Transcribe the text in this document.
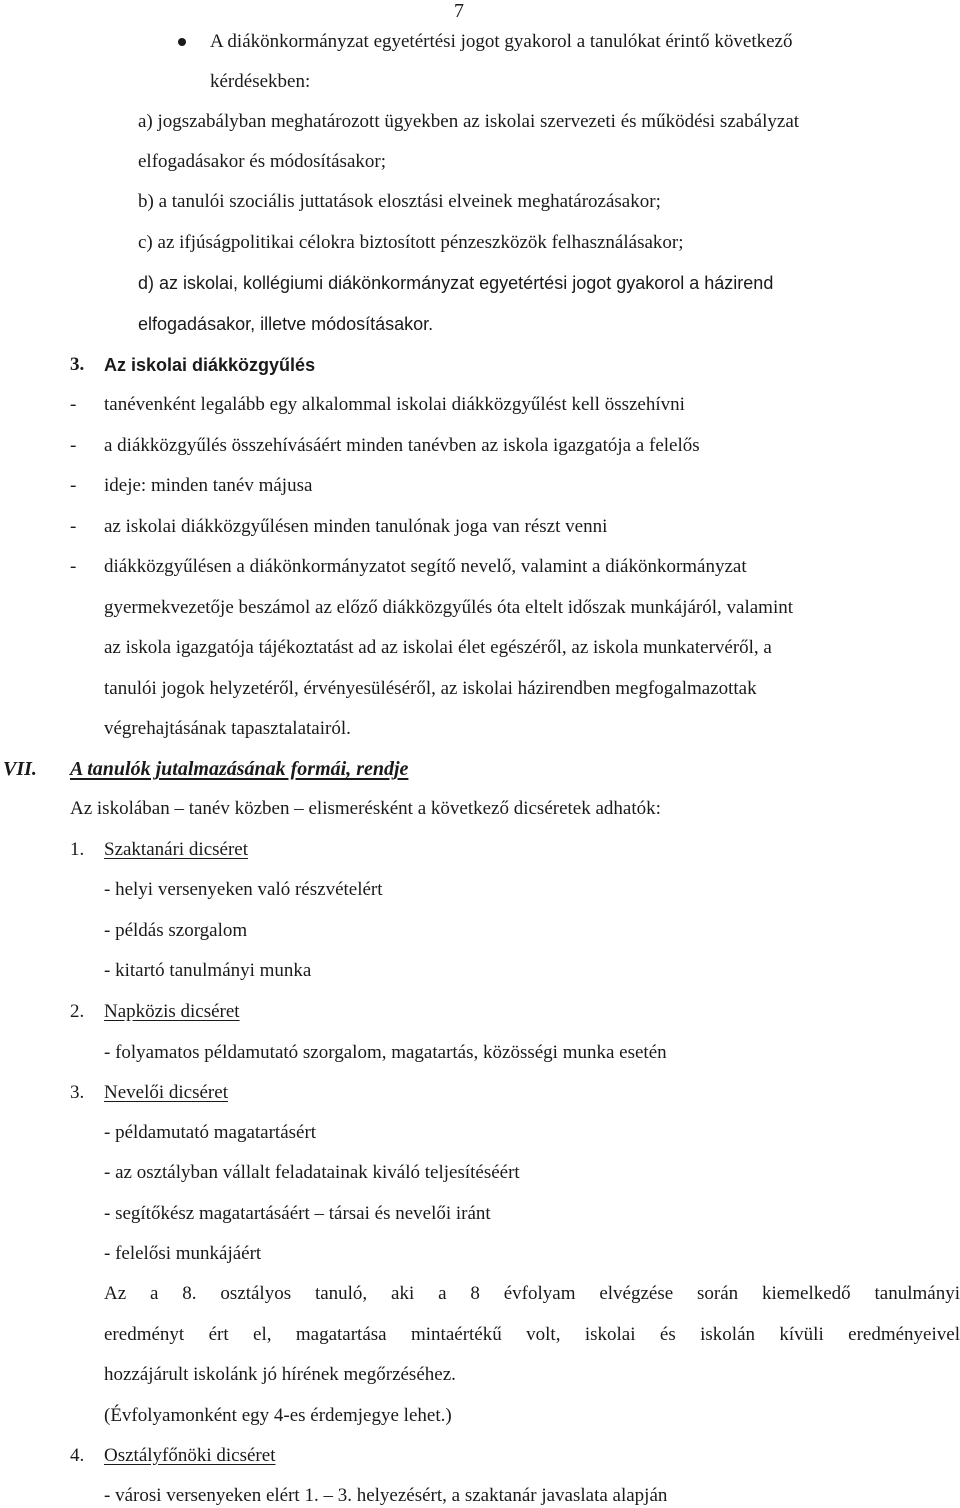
7
A diákönkormányzat egyetértési jogot gyakorol a tanulókat érintő következő
kérdésekben:
a) jogszabályban meghatározott ügyekben az iskolai szervezeti és működési szabályzat
elfogadásakor és módosításakor;
b) a tanulói szociális juttatások elosztási elveinek meghatározásakor;
c) az ifjúságpolitikai célokra biztosított pénzeszközök felhasználásakor;
d) az iskolai, kollégiumi diákönkormányzat egyetértési jogot gyakorol a házirend
elfogadásakor, illetve módosításakor.
3. Az iskolai diákközgyűlés
- tanévenként legalább egy alkalommal iskolai diákközgyűlést kell összehívni
- a diákközgyűlés összehívásáért minden tanévben az iskola igazgatója a felelős
- ideje: minden tanév májusa
- az iskolai diákközgyűlésen minden tanulónak joga van részt venni
- diákközgyűlésen a diákönkormányzatot segítő nevelő, valamint a diákönkormányzat
gyermekvezetője beszámol az előző diákközgyűlés óta eltelt időszak munkájáról, valamint
az iskola igazgatója tájékoztatást ad az iskolai élet egészéről, az iskola munkatervéről, a
tanulói jogok helyzetéről, érvényesüléséről, az iskolai házirendben megfogalmazottak
végrehajtásának tapasztalatairól.
VII. A tanulók jutalmazásának formái, rendje
Az iskolában – tanév közben – elismerésként a következő dicséretek adhatók:
1. Szaktanári dicséret
- helyi versenyeken való részvételért
- példás szorgalom
- kitartó tanulmányi munka
2. Napközis dicséret
- folyamatos példamutató szorgalom, magatartás, közösségi munka esetén
3. Nevelői dicséret
- példamutató magatartásért
- az osztályban vállalt feladatainak kiváló teljesítéséért
- segítőkész magatartásáért – társai és nevelői iránt
- felelősi munkájáért
Az a 8. osztályos tanuló, aki a 8 évfolyam elvégzése során kiemelkedő tanulmányi
eredményt ért el, magatartása mintaértékű volt, iskolai és iskolán kívüli eredményeivel
hozzájárult iskolánk jó hírének megőrzéséhez.
(Évfolyamonként egy 4-es érdemjegye lehet.)
4. Osztályfőnöki dicséret
- városi versenyeken elért 1. – 3. helyezésért, a szaktanár javaslata alapján
